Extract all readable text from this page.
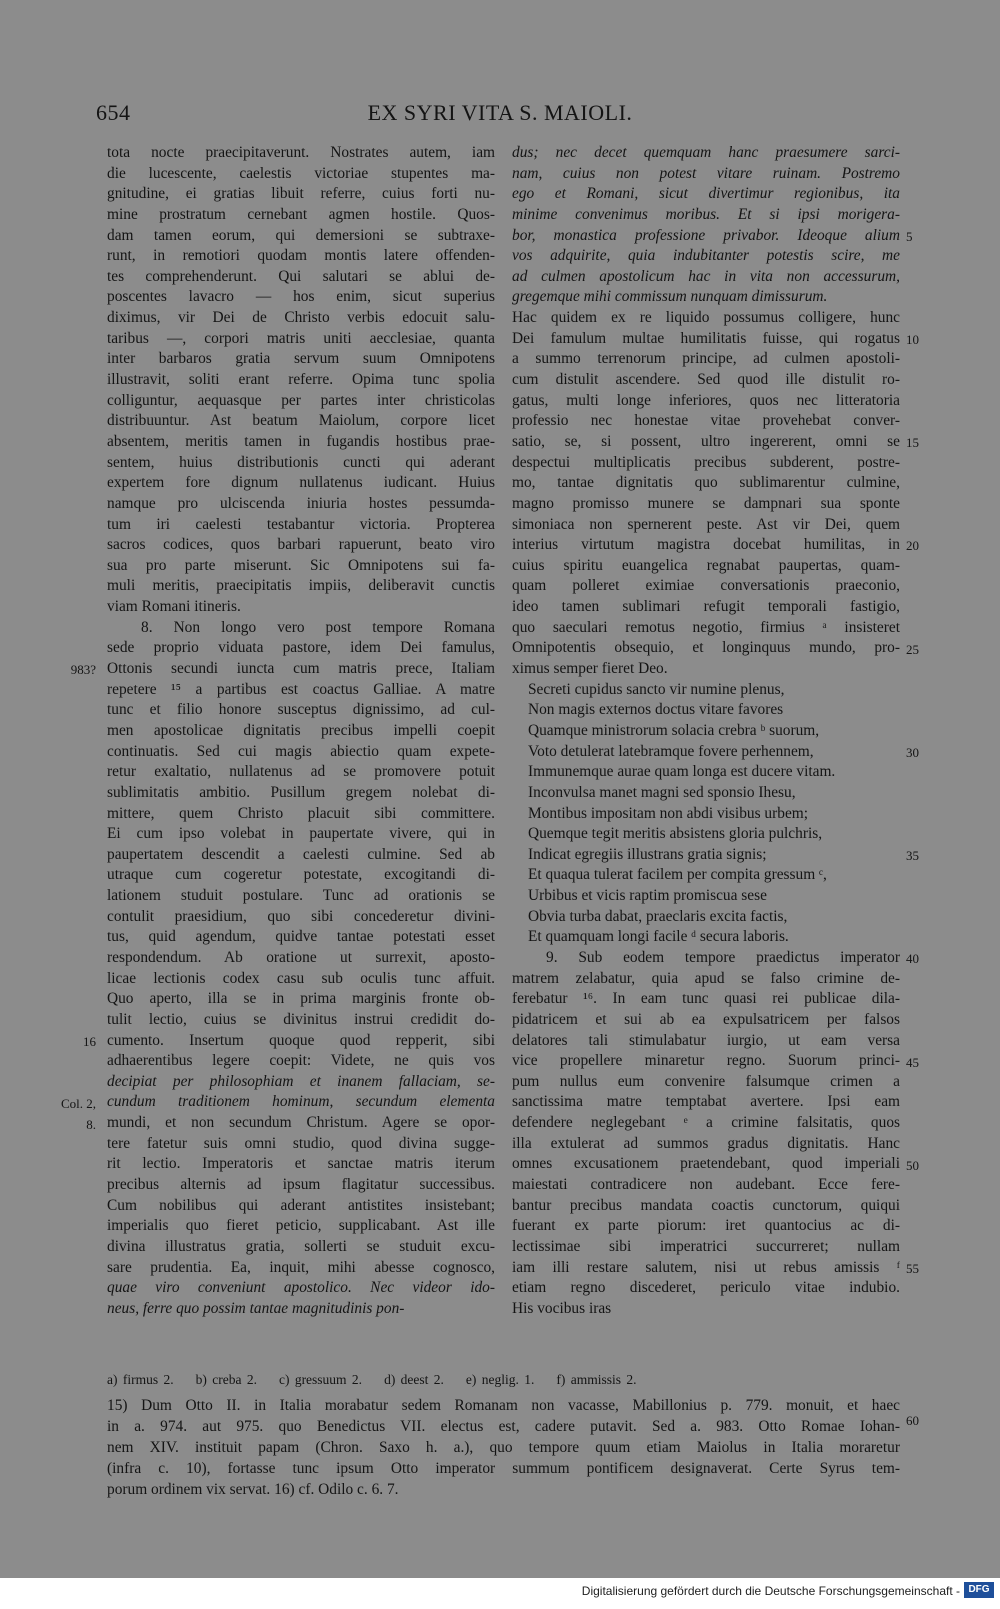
654	EX SYRI VITA S. MAIOLI.
tota nocte praecipitaverunt. Nostrates autem, iam
die lucescente, caelestis victoriae stupentes ma-
gnitudine, ei gratias libuit referre, cuius forti nu-
mine prostratum cernebant agmen hostile. Quos-
dam tamen eorum, qui demersioni se subtraxe-
runt, in remotiori quodam montis latere offenden-
tes comprehenderunt. Qui salutari se ablui de-
poscentes lavacro — hos enim, sicut superius
diximus, vir Dei de Christo verbis edocuit salu-
taribus —, corpori matris uniti aecclesiae, quanta
inter barbaros gratia servum suum Omnipotens
illustravit, soliti erant referre. Opima tunc spolia
colliguntur, aequasque per partes inter christicolas
distribuuntur. Ast beatum Maiolum, corpore licet
absentem, meritis tamen in fugandis hostibus prae-
sentem, huius distributionis cuncti qui aderant
expertem fore dignum nullatenus iudicant. Huius
namque pro ulciscenda iniuria hostes pessumda-
tum iri caelesti testabantur victoria. Propterea
sacros codices, quos barbari rapuerunt, beato viro
sua pro parte miserunt. Sic Omnipotens sui fa-
muli meritis, praecipitatis impiis, deliberavit cunctis
viam Romani itineris.
8. Non longo vero post tempore Romana
sede proprio viduata pastore, idem Dei famulus,
Ottonis secundi iuncta cum matris prece, Italiam
repetere ¹⁵ a partibus est coactus Galliae. A matre
tunc et filio honore susceptus dignissimo, ad cul-
men apostolicae dignitatis precibus impelli coepit
continuatis. Sed cui magis abiectio quam expete-
retur exaltatio, nullatenus ad se promovere potuit
sublimitatis ambitio. Pusillum gregem nolebat di-
mittere, quem Christo placuit sibi committere.
Ei cum ipso volebat in paupertate vivere, qui in
paupertatem descendit a caelesti culmine. Sed ab
utraque cum cogeretur potestate, excogitandi di-
lationem studuit postulare. Tunc ad orationis se
contulit praesidium, quo sibi concederetur divini-
tus, quid agendum, quidve tantae potestati esset
respondendum. Ab oratione ut surrexit, aposto-
licae lectionis codex casu sub oculis tunc affuit.
Quo aperto, illa se in prima marginis fronte ob-
tulit lectio, cuius se divinitus instrui credidit do-
cumento. Insertum quoque quod repperit, sibi
adhaerentibus legere coepit: Videte, ne quis vos
decipiat per philosophiam et inanem fallaciam, se-
cundum traditionem hominum, secundum elementa
mundi, et non secundum Christum. Agere se opor-
tere fatetur suis omni studio, quod divina sugge-
rit lectio. Imperatoris et sanctae matris iterum
precibus alternis ad ipsum flagitatur successibus.
Cum nobilibus qui aderant antistites insistebant;
imperialis quo fieret peticio, supplicabant. Ast ille
divina illustratus gratia, sollerti se studuit excu-
sare prudentia. Ea, inquit, mihi abesse cognosco,
quae viro conveniunt apostolico. Nec videor ido-
neus, ferre quo possim tantae magnitudinis pon-
dus; nec decet quemquam hanc praesumere sarci-
nam, cuius non potest vitare ruinam. Postremo
ego et Romani, sicut divertimur regionibus, ita
minime convenimus moribus. Et si ipsi morigera-
bor, monastica professione privabor. Ideoque alium
vos adquirite, quia indubitanter potestis scire, me
ad culmen apostolicum hac in vita non accessurum,
gregemque mihi commissum nunquam dimissurum.
Hac quidem ex re liquido possumus colligere, hunc
Dei famulum multae humilitatis fuisse, qui rogatus
a summo terrenorum principe, ad culmen apostoli-
cum distulit ascendere. Sed quod ille distulit ro-
gatus, multi longe inferiores, quos nec litteratoria
professio nec honestae vitae provehebat conver-
satio, se, si possent, ultro ingererent, omni se
despectui multiplicatis precibus subderent, postre-
mo, tantae dignitatis quo sublimarentur culmine,
magno promisso munere se dampnari sua sponte
simoniaca non spernerent peste. Ast vir Dei, quem
interius virtutum magistra docebat humilitas, in
cuius spiritu euangelica regnabat paupertas, quam-
quam polleret eximiae conversationis praeconio,
ideo tamen sublimari refugit temporali fastigio,
quo saeculari remotus negotio, firmius ᵃ insisteret
Omnipotentis obsequio, et longinquus mundo, pro-
ximus semper fieret Deo.
Secreti cupidus sancto vir numine plenus,
Non magis externos doctus vitare favores
Quamque ministrorum solacia crebra ᵇ suorum,
Voto detulerat latebramque fovere perhennem,
Immunemque aurae quam longa est ducere vitam.
Inconvulsa manet magni sed sponsio Ihesu,
Montibus impositam non abdi visibus urbem;
Quemque tegit meritis absistens gloria pulchris,
Indicat egregiis illustrans gratia signis;
Et quaqua tulerat facilem per compita gressum ᶜ,
Urbibus et vicis raptim promiscua sese
Obvia turba dabat, praeclaris excita factis,
Et quamquam longi facile ᵈ secura laboris.
9. Sub eodem tempore praedictus imperator
matrem zelabatur, quia apud se falso crimine de-
ferebatur ¹⁶. In eam tunc quasi rei publicae dila-
pidatricem et sui ab ea expulsatricem per falsos
delatores tali stimulabatur iurgio, ut eam versa
vice propellere minaretur regno. Suorum princi-
pum nullus eum convenire falsumque crimen a
sanctissima matre temptabat avertere. Ipsi eam
defendere neglegebant ᵉ a crimine falsitatis, quos
illa extulerat ad summos gradus dignitatis. Hanc
omnes excusationem praetendebant, quod imperiali
maiestati contradicere non audebant. Ecce fere-
bantur precibus mandata coactis cunctorum, quiqui
fuerant ex parte piorum: iret quantocius ac di-
lectissimae sibi imperatrici succurreret; nullam
iam illi restare salutem, nisi ut rebus amissis ᶠ
etiam regno discederet, periculo vitae indubio.
His vocibus iras
983?
16
Col. 2,
8.
5
10
15
20
25
30
35
40
45
50
55
a) firmus 2. b) creba 2. c) gressuum 2. d) deest 2. e) neglig. 1. f) ammissis 2.
15) Dum Otto II. in Italia morabatur sedem Romanam non vacasse, Mabillonius p. 779. monuit, et haec
in a. 974. aut 975. quo Benedictus VII. electus est, cadere putavit. Sed a. 983. Otto Romae Iohan-
nem XIV. instituit papam (Chron. Saxo h. a.), quo tempore quum etiam Maiolus in Italia moraretur
(infra c. 10), fortasse tunc ipsum Otto imperator summum pontificem designaverat. Certe Syrus tem-
porum ordinem vix servat. 16) cf. Odilo c. 6. 7.
60
Digitalisierung gefördert durch die Deutsche Forschungsgemeinschaft - DFG
